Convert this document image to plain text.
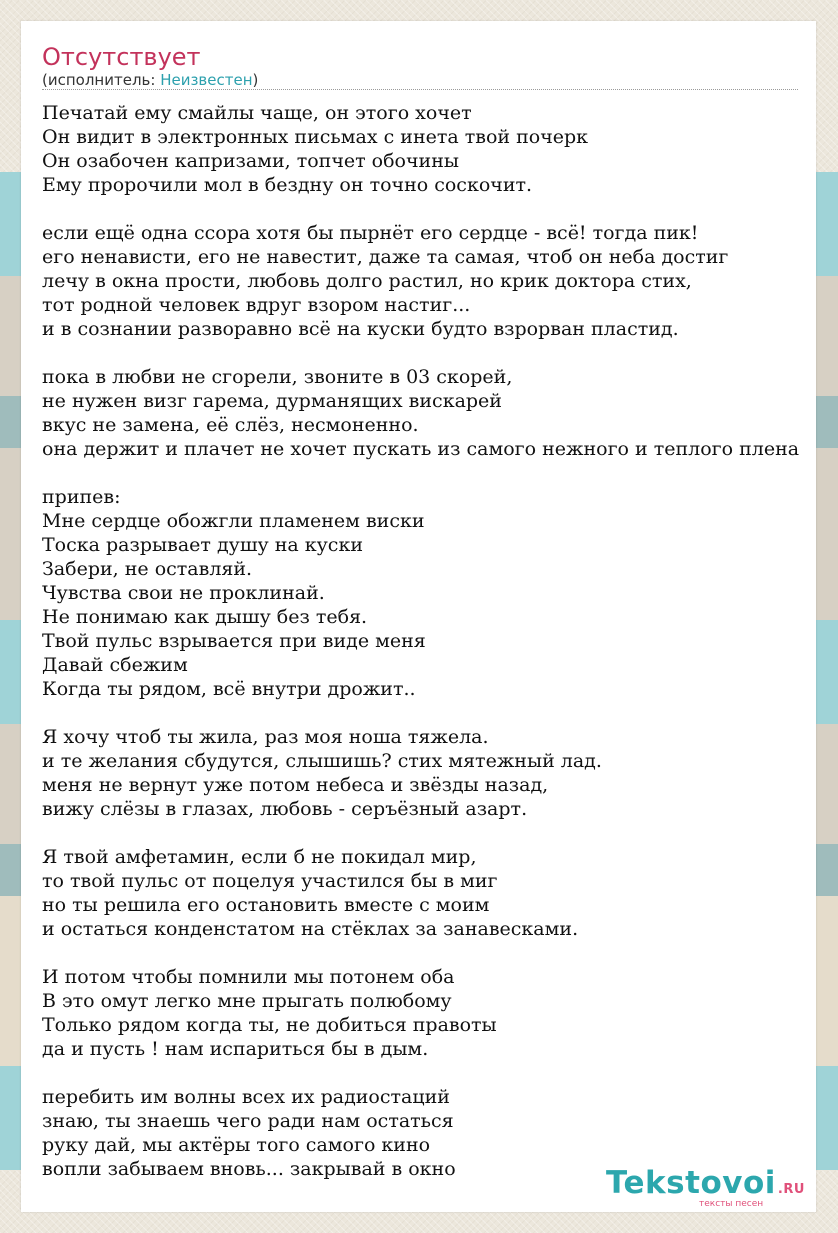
Отсутствует
(исполнитель: Неизвестен)
Печатай ему смайлы чаще, он этого хочет
Он видит в электронных письмах с инета твой почерк
Он озабочен капризами, топчет обочины
Ему пророчили мол в бездну он точно соскочит.
если ещё одна ссора хотя бы пырнёт его сердце - всё! тогда пик!
его ненависти, его не навестит, даже та самая, чтоб он неба достиг
лечу в окна прости, любовь долго растил, но крик доктора стих,
тот родной человек вдруг взором настиг...
и в сознании разворавно всё на куски будто взрорван пластид.
пока в любви не сгорели, звоните в 03 скорей,
не нужен визг гарема, дурманящих вискарей
вкус не замена, её слёз, несмоненно.
она держит и плачет не хочет пускать из самого нежного и теплого плена
припев:
Мне сердце обожгли пламенем виски
Тоска разрывает душу на куски
Забери, не оставляй.
Чувства свои не проклинай.
Не понимаю как дышу без тебя.
Твой пульс взрывается при виде меня
Давай сбежим
Когда ты рядом, всё внутри дрожит..
Я хочу чтоб ты жила, раз моя ноша тяжела.
и те желания сбудутся, слышишь? стих мятежный лад.
меня не вернут уже потом небеса и звёзды назад,
вижу слёзы в глазах, любовь - серъёзный азарт.
Я твой амфетамин, если б не покидал мир,
то твой пульс от поцелуя участился бы в миг
но ты решила его остановить вместе с моим
и остаться конденстатом на стёклах за занавесками.
И потом чтобы помнили мы потонем оба
В это омут легко мне прыгать полюбому
Только рядом когда ты, не добиться правоты
да и пусть ! нам испариться бы в дым.
перебить им волны всех их радиостаций
знаю, ты знаешь чего ради нам остаться
руку дай, мы актёры того самого кино
вопли забываем вновь... закрывай в окно	Tekstovoi .RU
тексты песен
